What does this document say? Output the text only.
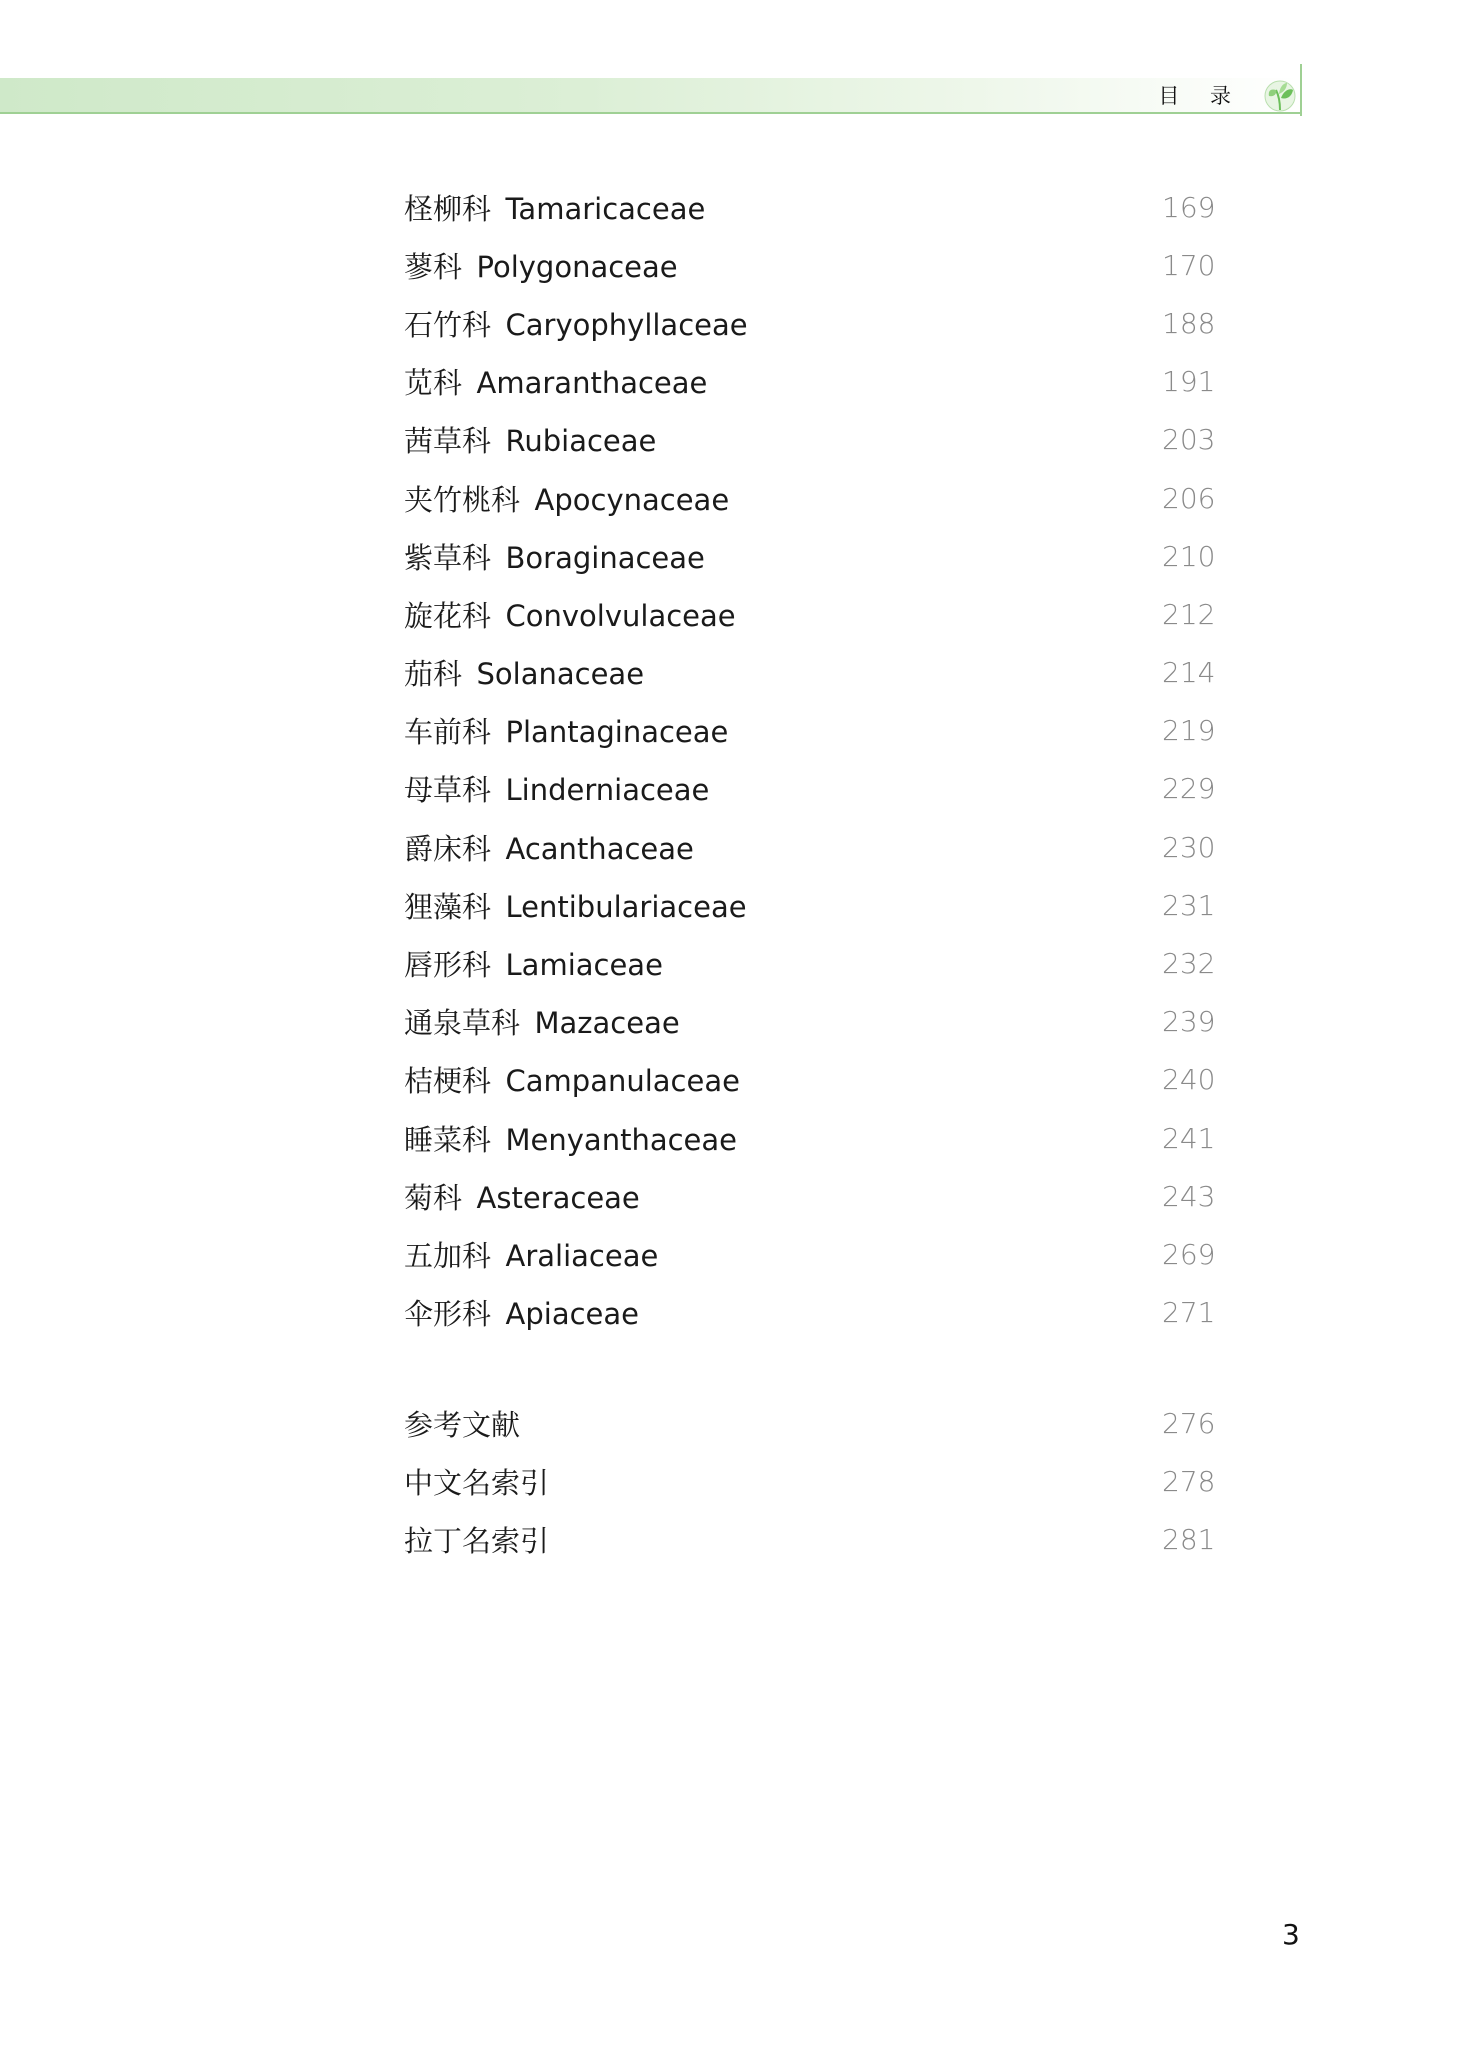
目 录
柽柳科  Tamaricaceae	169
蓼科  Polygonaceae	170
石竹科  Caryophyllaceae	188
苋科  Amaranthaceae	191
茜草科  Rubiaceae	203
夹竹桃科  Apocynaceae	206
紫草科  Boraginaceae	210
旋花科  Convolvulaceae	212
茄科  Solanaceae	214
车前科  Plantaginaceae	219
母草科  Linderniaceae	229
爵床科  Acanthaceae	230
狸藻科  Lentibulariaceae	231
唇形科  Lamiaceae	232
通泉草科  Mazaceae	239
桔梗科  Campanulaceae	240
睡菜科  Menyanthaceae	241
菊科  Asteraceae	243
五加科  Araliaceae	269
伞形科  Apiaceae	271
参考文献	276
中文名索引	278
拉丁名索引	281
3
